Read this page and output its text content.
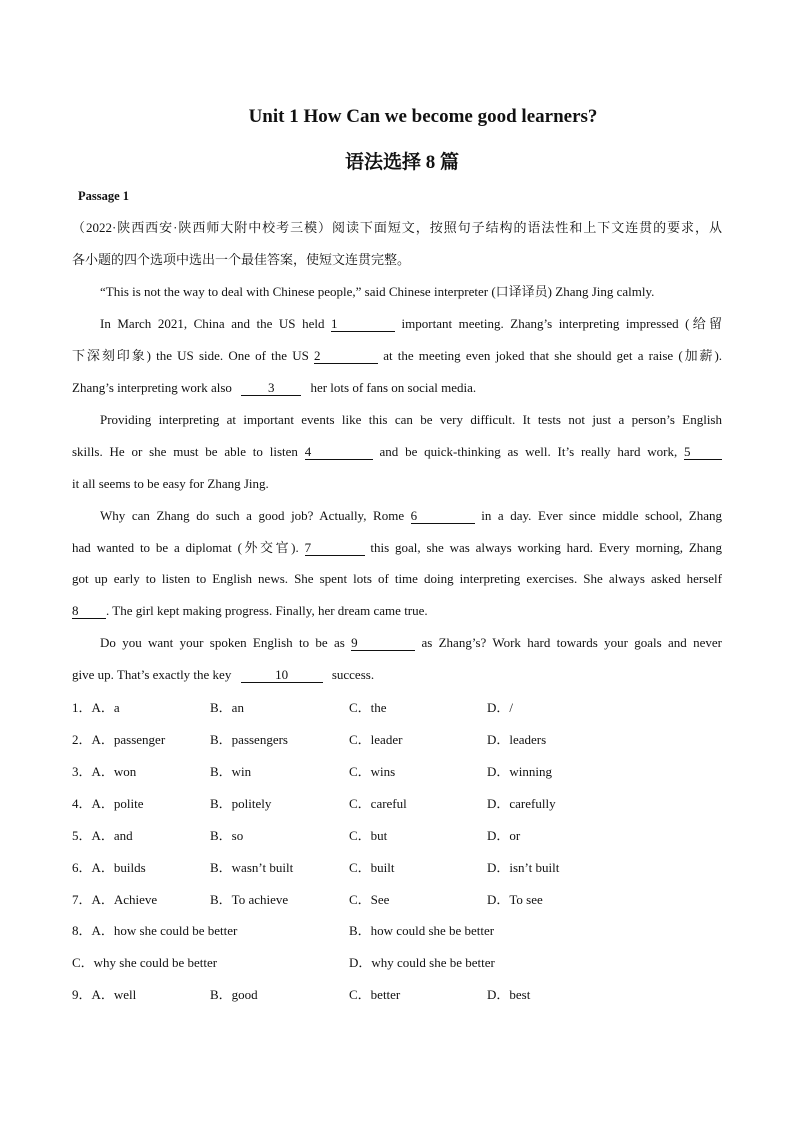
Unit 1 How Can we become good learners?
语法选择 8 篇
Passage 1
（2022·陕西西安·陕西师大附中校考三模）阅读下面短文，按照句子结构的语法性和上下文连贯的要求，从
各小题的四个选项中选出一个最佳答案，使短文连贯完整。
“This is not the way to deal with Chinese people,” said Chinese interpreter (口译译员) Zhang Jing calmly.
In March 2021, China and the US held 1	important meeting. Zhang’s interpreting impressed (给留
下深刻印象) the US side. One of the US 2	at the meeting even joked that she should get a raise (加薪).
Zhang’s interpreting work also	3	her lots of fans on social media.
Providing interpreting at important events like this can be very difficult. It tests not just a person’s English
skills. He or she must be able to listen 4	and be quick-thinking as well. It’s really hard work, 5
it all seems to be easy for Zhang Jing.
Why can Zhang do such a good job? Actually, Rome 6	in a day. Ever since middle school, Zhang
had wanted to be a diplomat (外交官). 7	this goal, she was always working hard. Every morning, Zhang
got up early to listen to English news. She spent lots of time doing interpreting exercises. She always asked herself
8 . The girl kept making progress. Finally, her dream came true.
Do you want your spoken English to be as 9	as Zhang’s? Work hard towards your goals and never
give up. That’s exactly the key	10	success.
1．A．a	B．an	C．the	D．/
2．A．passenger	B．passengers	C．leader	D．leaders
3．A．won	B．win	C．wins	D．winning
4．A．polite	B．politely	C．careful	D．carefully
5．A．and	B．so	C．but	D．or
6．A．builds	B．wasn’t built	C．built	D．isn’t built
7．A．Achieve	B．To achieve	C．See	D．To see
8．A．how she could be better	B．how could she be better
C．why she could be better	D．why could she be better
9．A．well	B．good	C．better	D．best
